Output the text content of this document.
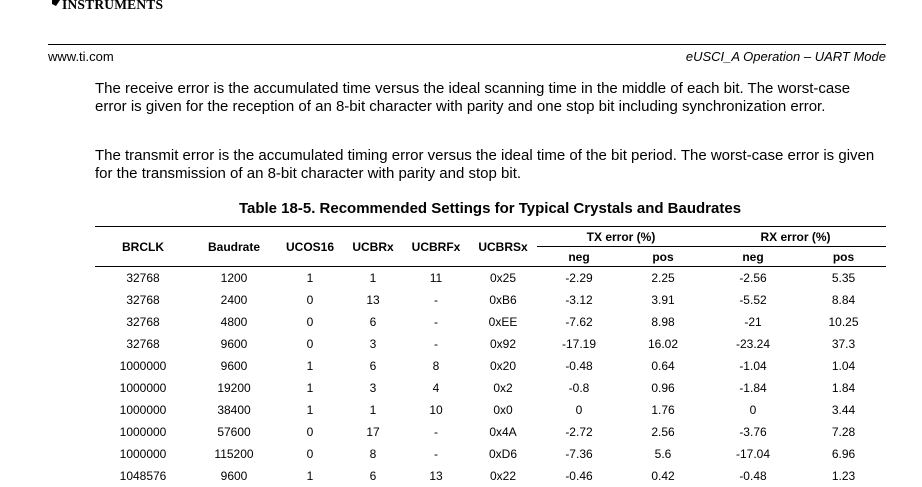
INSTRUMENTS
www.ti.com	eUSCI_A Operation – UART Mode

The receive error is the accumulated time versus the ideal scanning time in the middle of each bit. The worst-case error is given for the reception of an 8-bit character with parity and one stop bit including synchronization error.

The transmit error is the accumulated timing error versus the ideal time of the bit period. The worst-case error is given for the transmission of an 8-bit character with parity and stop bit.

Table 18-5. Recommended Settings for Typical Crystals and Baudrates
BRCLK	Baudrate	UCOS16	UCBRx	UCBRFx	UCBRSx	TX error (%)		RX error (%)	
						neg	pos	neg	pos
32768	1200	1	1	11	0x25	-2.29	2.25	-2.56	5.35
32768	2400	0	13	-	0xB6	-3.12	3.91	-5.52	8.84
32768	4800	0	6	-	0xEE	-7.62	8.98	-21	10.25
32768	9600	0	3	-	0x92	-17.19	16.02	-23.24	37.3
1000000	9600	1	6	8	0x20	-0.48	0.64	-1.04	1.04
1000000	19200	1	3	4	0x2	-0.8	0.96	-1.84	1.84
1000000	38400	1	1	10	0x0	0	1.76	0	3.44
1000000	57600	0	17	-	0x4A	-2.72	2.56	-3.76	7.28
1000000	115200	0	8	-	0xD6	-7.36	5.6	-17.04	6.96
1048576	9600	1	6	13	0x22	-0.46	0.42	-0.48	1.23
